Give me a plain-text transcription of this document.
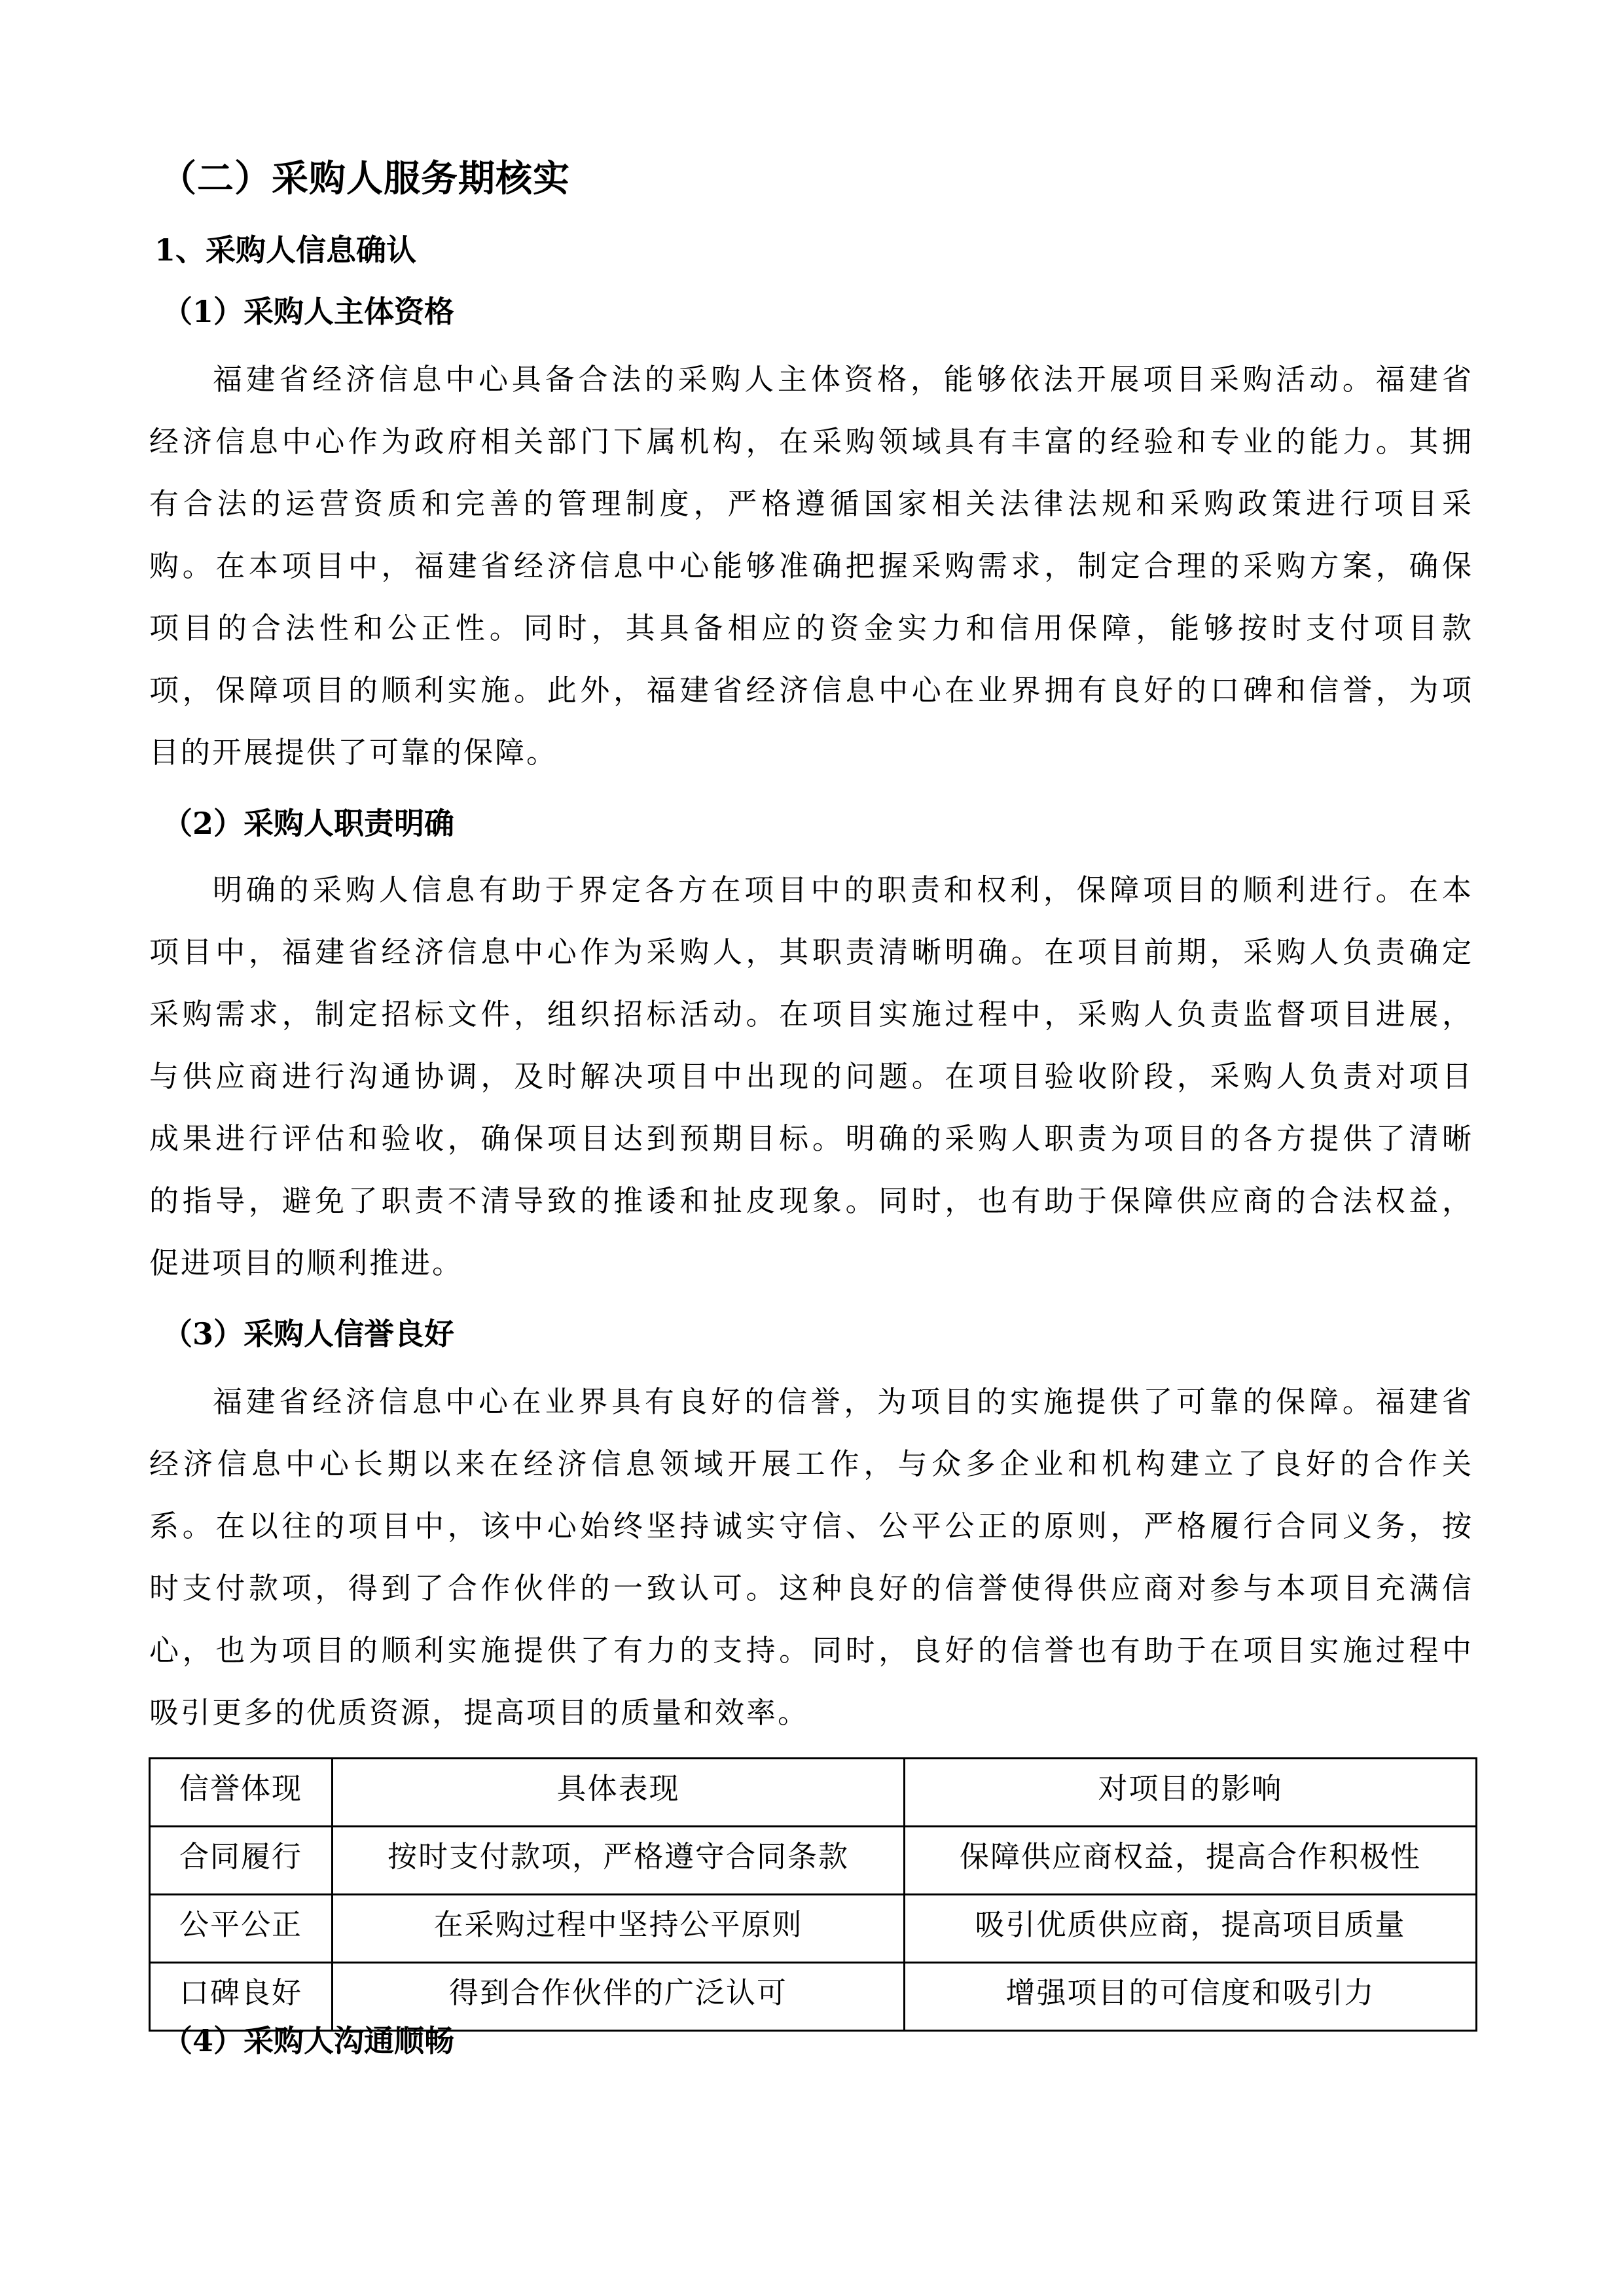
（二）采购人服务期核实
1、采购人信息确认
（1）采购人主体资格
福建省经济信息中心具备合法的采购人主体资格，能够依法开展项目采购活动。福建省
经济信息中心作为政府相关部门下属机构，在采购领域具有丰富的经验和专业的能力。其拥
有合法的运营资质和完善的管理制度，严格遵循国家相关法律法规和采购政策进行项目采
购。在本项目中，福建省经济信息中心能够准确把握采购需求，制定合理的采购方案，确保
项目的合法性和公正性。同时，其具备相应的资金实力和信用保障，能够按时支付项目款
项，保障项目的顺利实施。此外，福建省经济信息中心在业界拥有良好的口碑和信誉，为项
目的开展提供了可靠的保障。
（2）采购人职责明确
明确的采购人信息有助于界定各方在项目中的职责和权利，保障项目的顺利进行。在本
项目中，福建省经济信息中心作为采购人，其职责清晰明确。在项目前期，采购人负责确定
采购需求，制定招标文件，组织招标活动。在项目实施过程中，采购人负责监督项目进展，
与供应商进行沟通协调，及时解决项目中出现的问题。在项目验收阶段，采购人负责对项目
成果进行评估和验收，确保项目达到预期目标。明确的采购人职责为项目的各方提供了清晰
的指导，避免了职责不清导致的推诿和扯皮现象。同时，也有助于保障供应商的合法权益，
促进项目的顺利推进。
（3）采购人信誉良好
福建省经济信息中心在业界具有良好的信誉，为项目的实施提供了可靠的保障。福建省
经济信息中心长期以来在经济信息领域开展工作，与众多企业和机构建立了良好的合作关
系。在以往的项目中，该中心始终坚持诚实守信、公平公正的原则，严格履行合同义务，按
时支付款项，得到了合作伙伴的一致认可。这种良好的信誉使得供应商对参与本项目充满信
心，也为项目的顺利实施提供了有力的支持。同时，良好的信誉也有助于在项目实施过程中
吸引更多的优质资源，提高项目的质量和效率。
信誉体现	具体表现	对项目的影响
合同履行	按时支付款项，严格遵守合同条款	保障供应商权益，提高合作积极性
公平公正	在采购过程中坚持公平原则	吸引优质供应商，提高项目质量
口碑良好	得到合作伙伴的广泛认可	增强项目的可信度和吸引力
（4）采购人沟通顺畅
